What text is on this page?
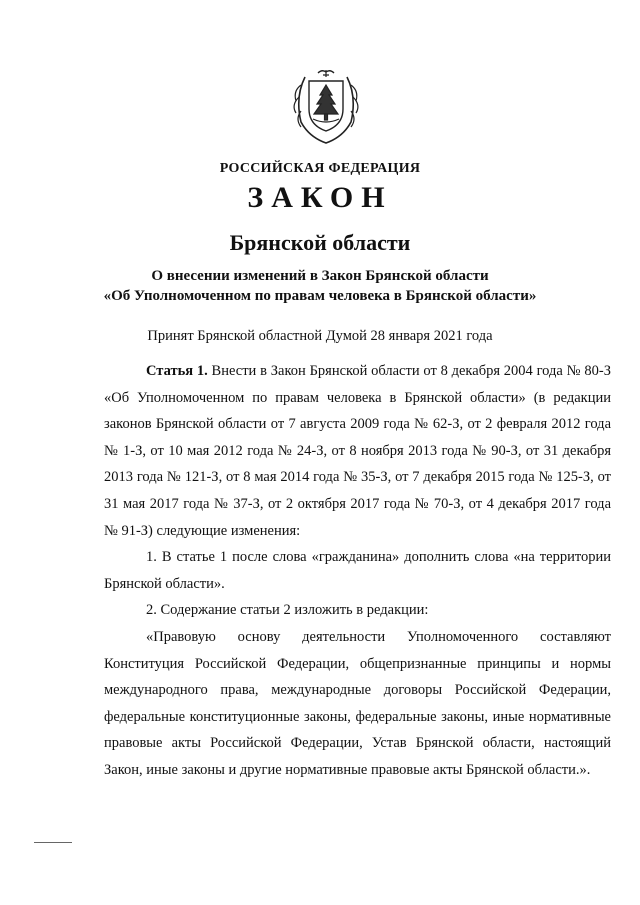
РОССИЙСКАЯ ФЕДЕРАЦИЯ
ЗАКОН
Брянской области
О внесении изменений в Закон Брянской области
«Об Уполномоченном по правам человека в Брянской области»
Принят Брянской областной Думой 28 января 2021 года

Статья 1. Внести в Закон Брянской области от 8 декабря 2004 года № 80-З «Об Уполномоченном по правам человека в Брянской области» (в редакции законов Брянской области от 7 августа 2009 года № 62-З, от 2 февраля 2012 года № 1-З, от 10 мая 2012 года № 24-З, от 8 ноября 2013 года № 90-З, от 31 декабря 2013 года № 121-З, от 8 мая 2014 года № 35-З, от 7 декабря 2015 года № 125-З, от 31 мая 2017 года № 37-З, от 2 октября 2017 года № 70-З, от 4 декабря 2017 года № 91-З) следующие изменения:

1. В статье 1 после слова «гражданина» дополнить слова «на территории Брянской области».

2. Содержание статьи 2 изложить в редакции:

«Правовую основу деятельности Уполномоченного составляют Конституция Российской Федерации, общепризнанные принципы и нормы международного права, международные договоры Российской Федерации, федеральные конституционные законы, федеральные законы, иные нормативные правовые акты Российской Федерации, Устав Брянской области, настоящий Закон, иные законы и другие нормативные правовые акты Брянской области.».
